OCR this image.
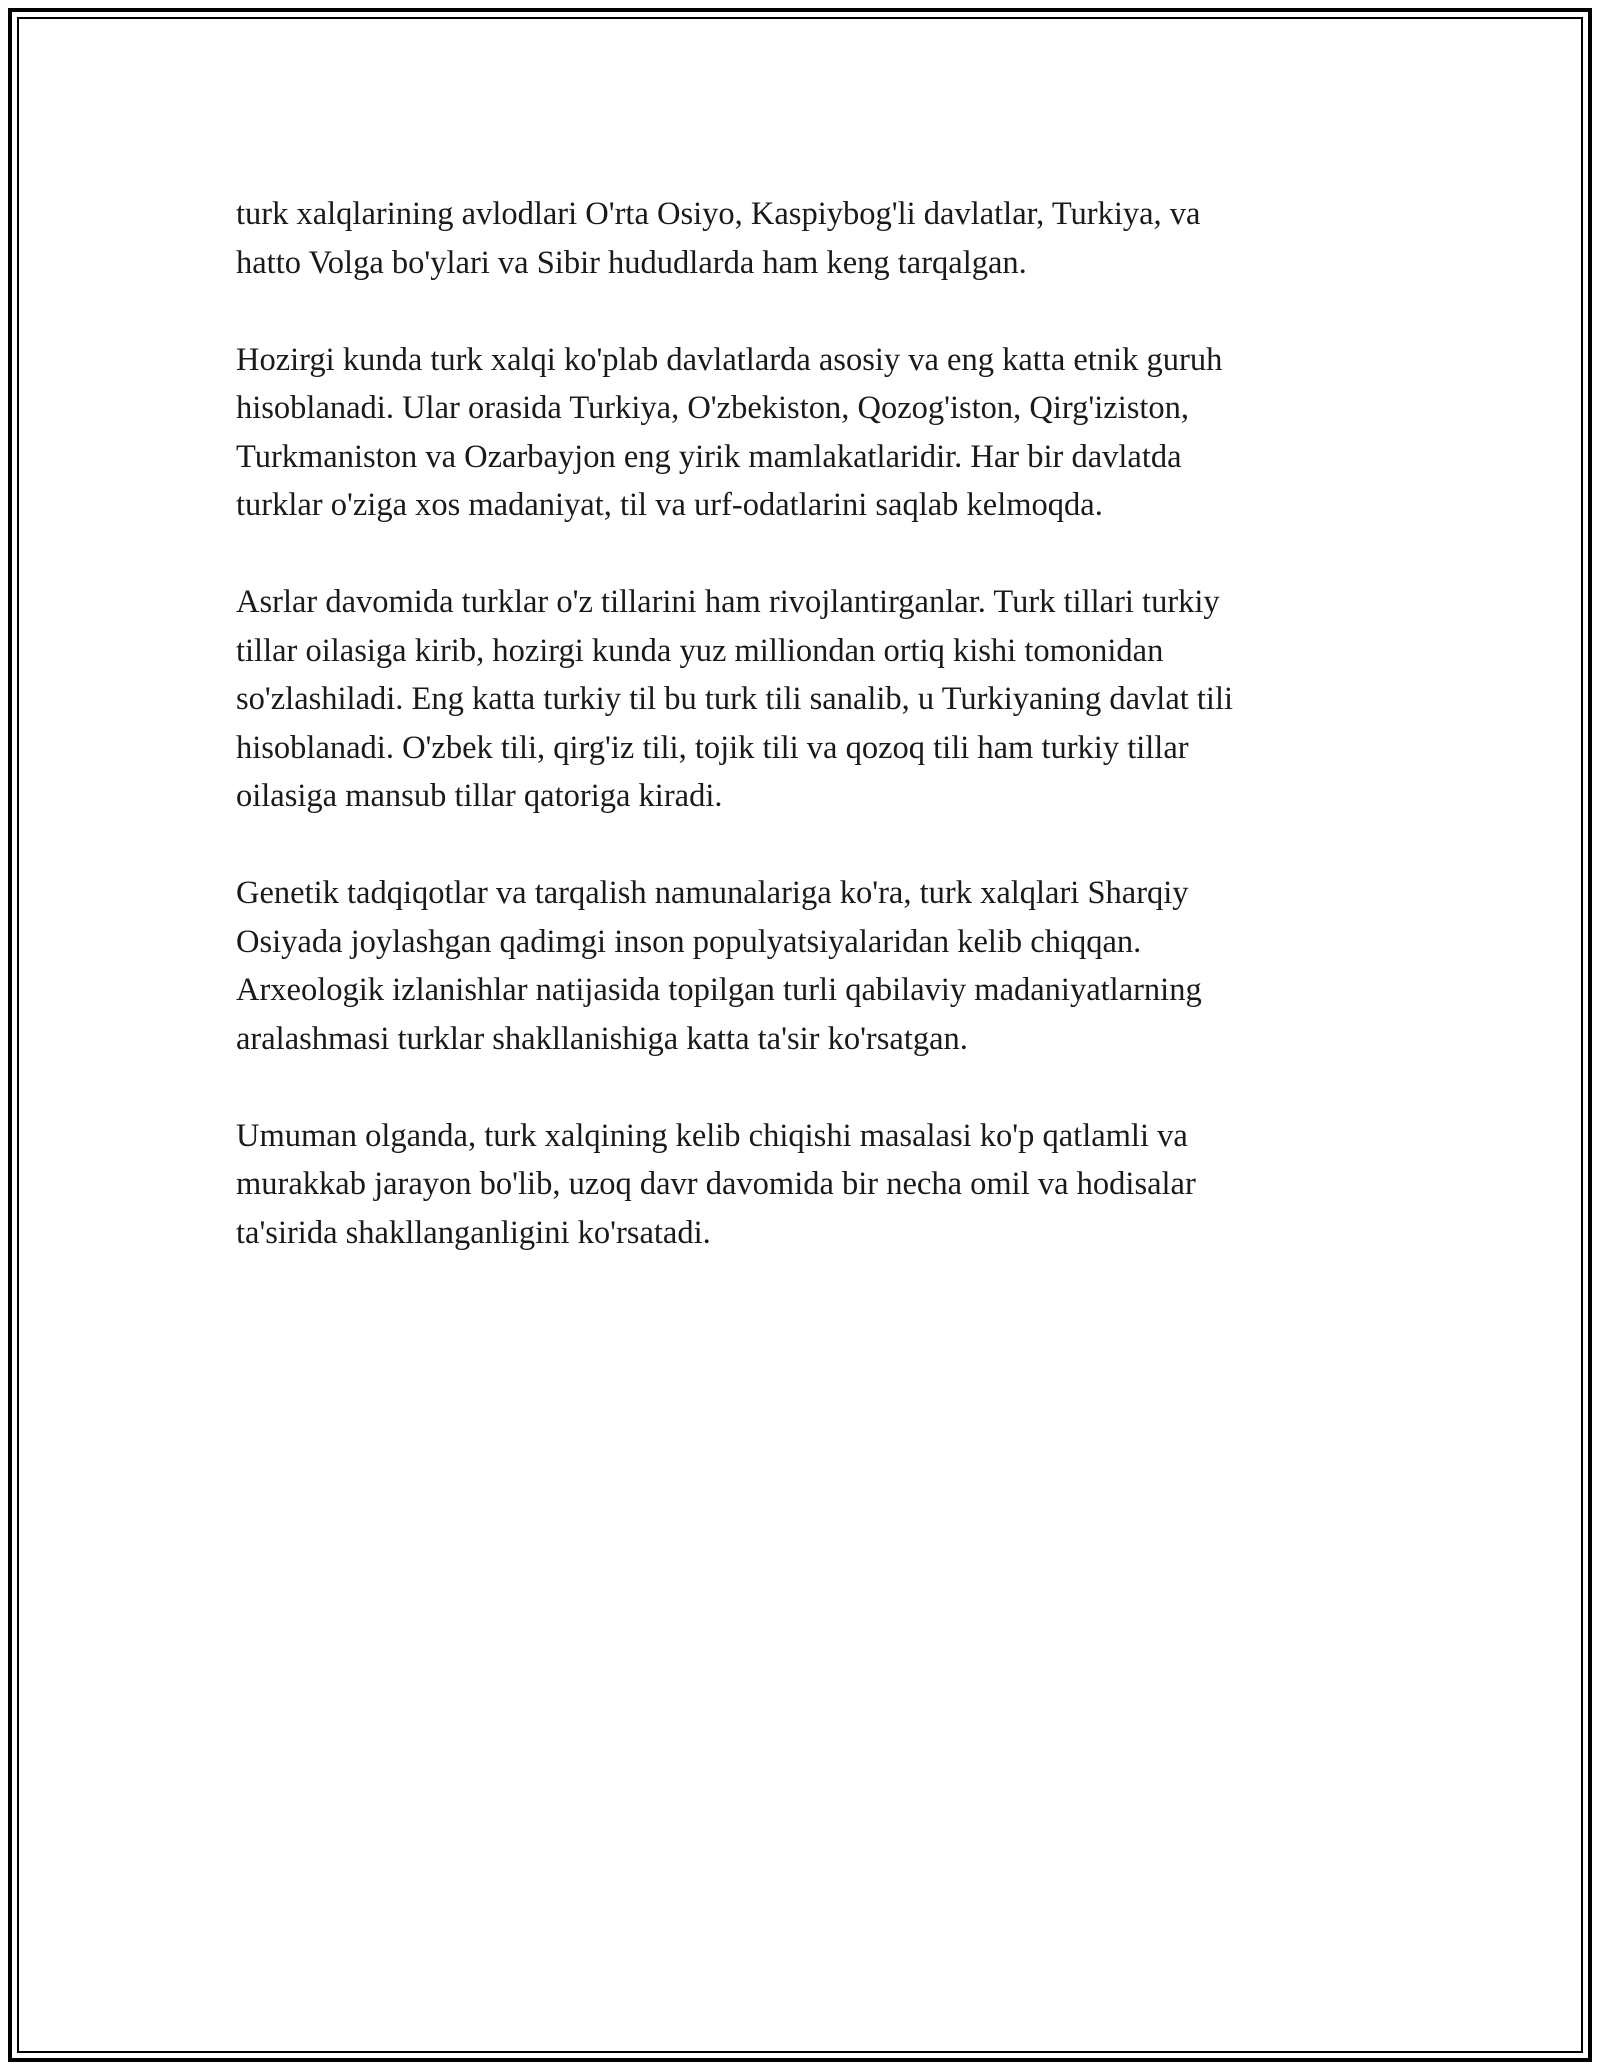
turk xalqlarining avlodlari O'rta Osiyo, Kaspiybog'li davlatlar, Turkiya, va
hatto Volga bo'ylari va Sibir hududlarda ham keng tarqalgan.

Hozirgi kunda turk xalqi ko'plab davlatlarda asosiy va eng katta etnik guruh
hisoblanadi. Ular orasida Turkiya, O'zbekiston, Qozog'iston, Qirg'iziston,
Turkmaniston va Ozarbayjon eng yirik mamlakatlaridir. Har bir davlatda
turklar o'ziga xos madaniyat, til va urf-odatlarini saqlab kelmoqda.

Asrlar davomida turklar o'z tillarini ham rivojlantirganlar. Turk tillari turkiy
tillar oilasiga kirib, hozirgi kunda yuz milliondan ortiq kishi tomonidan
so'zlashiladi. Eng katta turkiy til bu turk tili sanalib, u Turkiyaning davlat tili
hisoblanadi. O'zbek tili, qirg'iz tili, tojik tili va qozoq tili ham turkiy tillar
oilasiga mansub tillar qatoriga kiradi.

Genetik tadqiqotlar va tarqalish namunalariga ko'ra, turk xalqlari Sharqiy
Osiyada joylashgan qadimgi inson populyatsiyalaridan kelib chiqqan.
Arxeologik izlanishlar natijasida topilgan turli qabilaviy madaniyatlarning
aralashmasi turklar shakllanishiga katta ta'sir ko'rsatgan.

Umuman olganda, turk xalqining kelib chiqishi masalasi ko'p qatlamli va
murakkab jarayon bo'lib, uzoq davr davomida bir necha omil va hodisalar
ta'sirida shakllanganligini ko'rsatadi.
